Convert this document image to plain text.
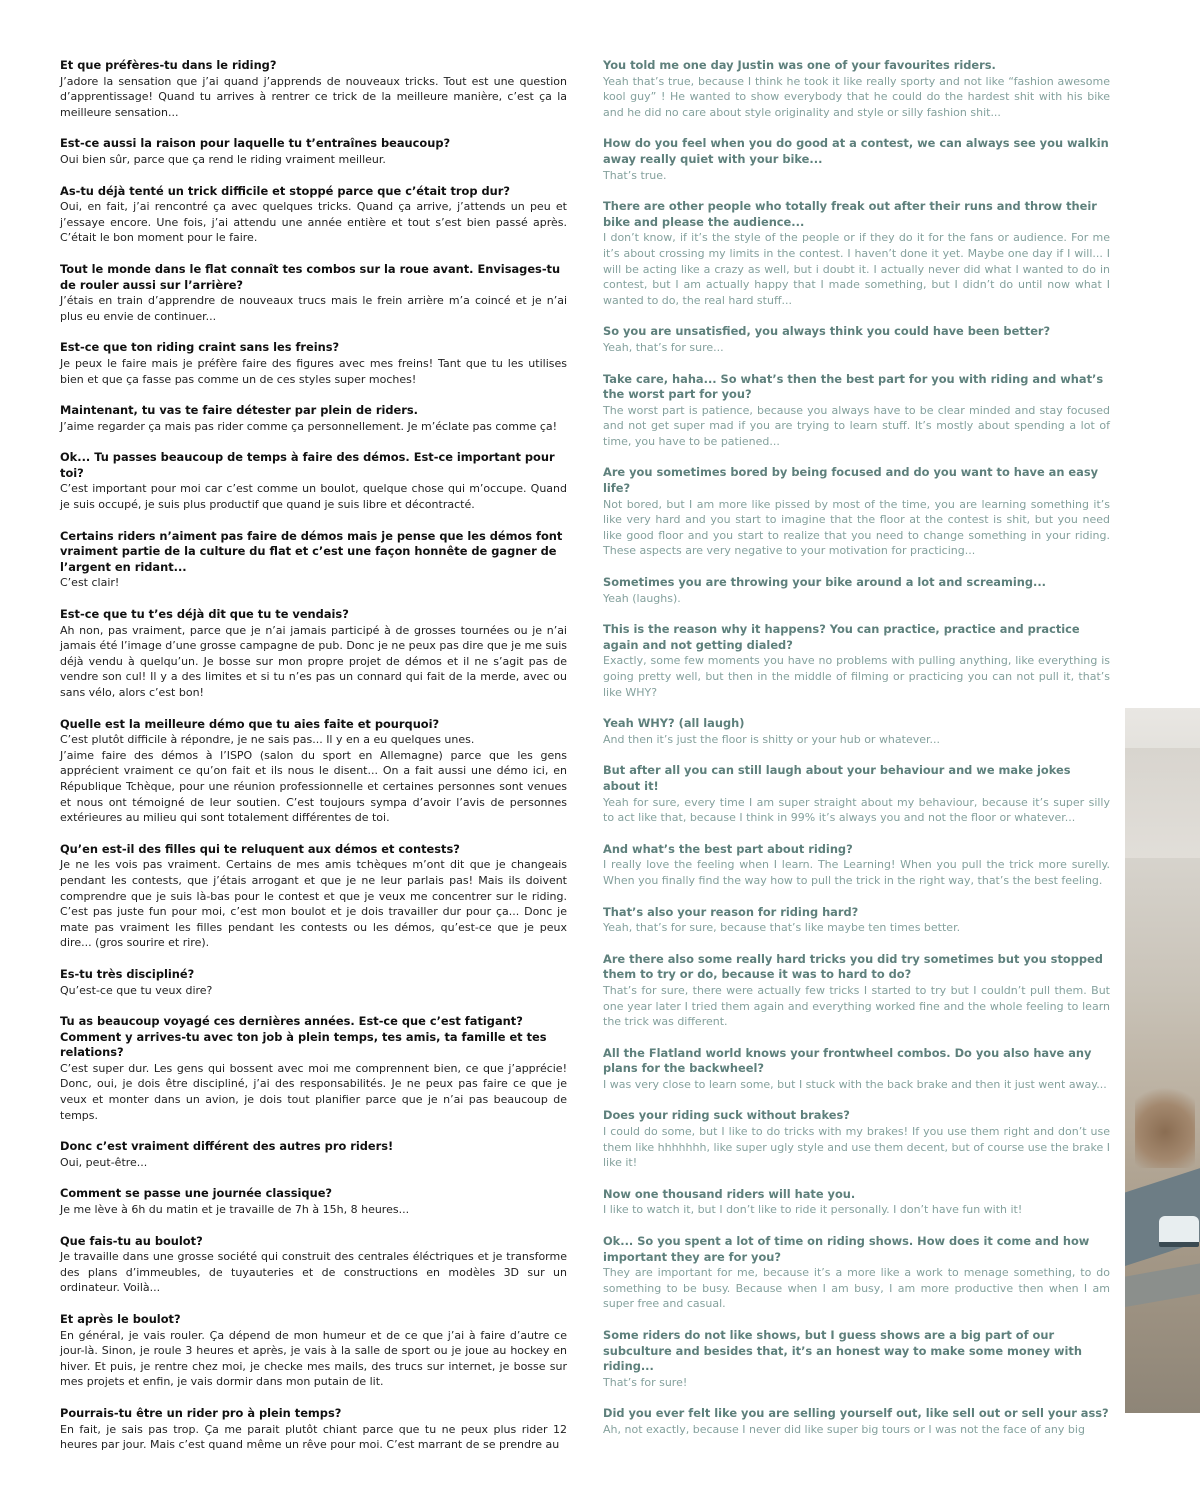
Et que préfères-tu dans le riding?

J’adore la sensation que j’ai quand j’apprends de nouveaux tricks. Tout est une question d’apprentissage! Quand tu arrives à rentrer ce trick de la meilleure manière, c’est ça la meilleure sensation...

Est-ce aussi la raison pour laquelle tu t’entraînes beaucoup?

Oui bien sûr, parce que ça rend le riding vraiment meilleur.

As-tu déjà tenté un trick difficile et stoppé parce que c’était trop dur?

Oui, en fait, j’ai rencontré ça avec quelques tricks. Quand ça arrive, j’attends un peu et j’essaye encore. Une fois, j’ai attendu une année entière et tout s’est bien passé après. C’était le bon moment pour le faire.

Tout le monde dans le flat connaît tes combos sur la roue avant. Envisages-tu de rouler aussi sur l’arrière?

J’étais en train d’apprendre de nouveaux trucs mais le frein arrière m’a coincé et je n’ai plus eu envie de continuer...

Est-ce que ton riding craint sans les freins?

Je peux le faire mais je préfère faire des figures avec mes freins! Tant que tu les utilises bien et que ça fasse pas comme un de ces styles super moches!

Maintenant, tu vas te faire détester par plein de riders.

J’aime regarder ça mais pas rider comme ça personnellement. Je m’éclate pas comme ça!

Ok... Tu passes beaucoup de temps à faire des démos. Est-ce important pour toi?

C’est important pour moi car c’est comme un boulot, quelque chose qui m’occupe. Quand je suis occupé, je suis plus productif que quand je suis libre et décontracté.

Certains riders n’aiment pas faire de démos mais je pense que les démos font vraiment partie de la culture du flat et c’est une façon honnête de gagner de l’argent en ridant...

C’est clair!

Est-ce que tu t’es déjà dit que tu te vendais?

Ah non, pas vraiment, parce que je n’ai jamais participé à de grosses tournées ou je n’ai jamais été l’image d’une grosse campagne de pub. Donc je ne peux pas dire que je me suis déjà vendu à quelqu’un. Je bosse sur mon propre projet de démos et il ne s’agit pas de vendre son cul! Il y a des limites et si tu n’es pas un connard qui fait de la merde, avec ou sans vélo, alors c’est bon!

Quelle est la meilleure démo que tu aies faite et pourquoi?

C’est plutôt difficile à répondre, je ne sais pas... Il y en a eu quelques unes.
J’aime faire des démos à l’ISPO (salon du sport en Allemagne) parce que les gens apprécient vraiment ce qu’on fait et ils nous le disent... On a fait aussi une démo ici, en République Tchèque, pour une réunion professionnelle et certaines personnes sont venues et nous ont témoigné de leur soutien. C’est toujours sympa d’avoir l’avis de personnes extérieures au milieu qui sont totalement différentes de toi.

Qu’en est-il des filles qui te reluquent aux démos et contests?

Je ne les vois pas vraiment. Certains de mes amis tchèques m’ont dit que je changeais pendant les contests, que j’étais arrogant et que je ne leur parlais pas! Mais ils doivent comprendre que je suis là-bas pour le contest et que je veux me concentrer sur le riding. C’est pas juste fun pour moi, c’est mon boulot et je dois travailler dur pour ça... Donc je mate pas vraiment les filles pendant les contests ou les démos, qu’est-ce que je peux dire... (gros sourire et rire).

Es-tu très discipliné?

Qu’est-ce que tu veux dire?

Tu as beaucoup voyagé ces dernières années. Est-ce que c’est fatigant? Comment y arrives-tu avec ton job à plein temps, tes amis, ta famille et tes relations?

C’est super dur. Les gens qui bossent avec moi me comprennent bien, ce que j’apprécie! Donc, oui, je dois être discipliné, j’ai des responsabilités. Je ne peux pas faire ce que je veux et monter dans un avion, je dois tout planifier parce que je n’ai pas beaucoup de temps.

Donc c’est vraiment différent des autres pro riders!

Oui, peut-être...

Comment se passe une journée classique?

Je me lève à 6h du matin et je travaille de 7h à 15h, 8 heures...

Que fais-tu au boulot?

Je travaille dans une grosse société qui construit des centrales éléctriques et je transforme des plans d’immeubles, de tuyauteries et de constructions en modèles 3D sur un ordinateur. Voilà...

Et après le boulot?

En général, je vais rouler. Ça dépend de mon humeur et de ce que j’ai à faire d’autre ce jour-là. Sinon, je roule 3 heures et après, je vais à la salle de sport ou je joue au hockey en hiver. Et puis, je rentre chez moi, je checke mes mails, des trucs sur internet, je bosse sur mes projets et enfin, je vais dormir dans mon putain de lit.

Pourrais-tu être un rider pro à plein temps?

En fait, je sais pas trop. Ça me parait plutôt chiant parce que tu ne peux plus rider 12 heures par jour. Mais c’est quand même un rêve pour moi. C’est marrant de se prendre au

You told me one day Justin was one of your favourites riders.

Yeah that’s true, because I think he took it like really sporty and not like “fashion awesome kool guy” ! He wanted to show everybody that he could do the hardest shit with his bike and he did no care about style originality and style or silly fashion shit...

How do you feel when you do good at a contest, we can always see you walkin away really quiet with your bike...

That’s true.

There are other people who totally freak out after their runs and throw their bike and please the audience...

I don’t know, if it’s the style of the people or if they do it for the fans or audience. For me it’s about crossing my limits in the contest. I haven’t done it yet. Maybe one day if I will... I will be acting like a crazy as well, but i doubt it. I actually never did what I wanted to do in contest, but I am actually happy that I made something, but I didn’t do until now what I wanted to do, the real hard stuff...

So you are unsatisfied, you always think you could have been better?

Yeah, that’s for sure...

Take care, haha... So what’s then the best part for you with riding and what’s the worst part for you?

The worst part is patience, because you always have to be clear minded and stay focused and not get super mad if you are trying to learn stuff. It’s mostly about spending a lot of time, you have to be patiened...

Are you sometimes bored by being focused and do you want to have an easy life?

Not bored, but I am more like pissed by most of the time, you are learning something it’s like very hard and you start to imagine that the floor at the contest is shit, but you need like good floor and you start to realize that you need to change something in your riding. These aspects are very negative to your motivation for practicing...

Sometimes you are throwing your bike around a lot and screaming...

Yeah (laughs).

This is the reason why it happens? You can practice, practice and practice again and not getting dialed?

Exactly, some few moments you have no problems with pulling anything, like everything is going pretty well, but then in the middle of filming or practicing you can not pull it, that’s like WHY?

Yeah WHY? (all laugh)

And then it’s just the floor is shitty or your hub or whatever...

But after all you can still laugh about your behaviour and we make jokes about it!

Yeah for sure, every time I am super straight about my behaviour, because it’s super silly to act like that, because I think in 99% it’s always you and not the floor or whatever...

And what’s the best part about riding?

I really love the feeling when I learn. The Learning! When you pull the trick more surelly. When you finally find the way how to pull the trick in the right way, that’s the best feeling.

That’s also your reason for riding hard?

Yeah, that’s for sure, because that’s like maybe ten times better.

Are there also some really hard tricks you did try sometimes but you stopped them to try or do, because it was to hard to do?

That’s for sure, there were actually few tricks I started to try but I couldn’t pull them. But one year later I tried them again and everything worked fine and the whole feeling to learn the trick was different.

All the Flatland world knows your frontwheel combos. Do you also have any plans for the backwheel?

I was very close to learn some, but I stuck with the back brake and then it just went away...

Does your riding suck without brakes?

I could do some, but I like to do tricks with my brakes! If you use them right and don’t use them like hhhhhhh, like super ugly style and use them decent, but of course use the brake I like it!

Now one thousand riders will hate you.

I like to watch it, but I don’t like to ride it personally. I don’t have fun with it!

Ok... So you spent a lot of time on riding shows. How does it come and how important they are for you?

They are important for me, because it’s a more like a work to menage something, to do something to be busy. Because when I am busy, I am more productive then when I am super free and casual.

Some riders do not like shows, but I guess shows are a big part of our subculture and besides that, it’s an honest way to make some money with riding...

That’s for sure!

Did you ever felt like you are selling yourself out, like sell out or sell your ass?

Ah, not exactly, because I never did like super big tours or I was not the face of any big
